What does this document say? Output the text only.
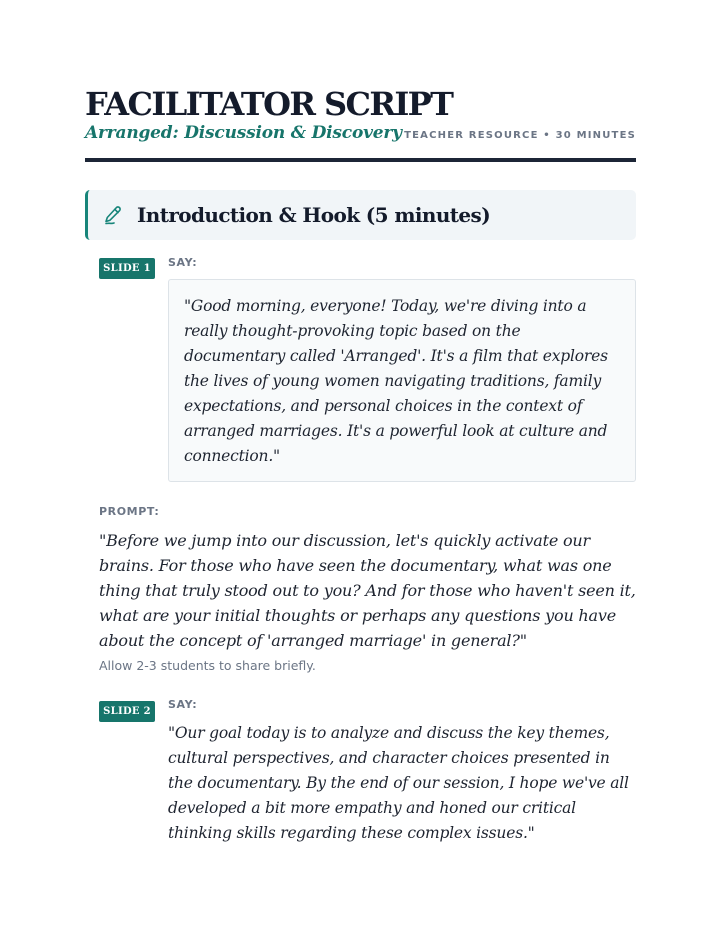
FACILITATOR SCRIPT
Arranged: Discussion & Discovery TEACHER RESOURCE • 30 MINUTES
Introduction & Hook (5 minutes)
SLIDE 1	SAY:
"Good morning, everyone! Today, we're diving into a really thought-provoking topic based on the documentary called 'Arranged'. It's a film that explores the lives of young women navigating traditions, family expectations, and personal choices in the context of arranged marriages. It's a powerful look at culture and connection."
PROMPT:
"Before we jump into our discussion, let's quickly activate our brains. For those who have seen the documentary, what was one thing that truly stood out to you? And for those who haven't seen it, what are your initial thoughts or perhaps any questions you have about the concept of 'arranged marriage' in general?"
Allow 2-3 students to share briefly.
SLIDE 2
SAY:
"Our goal today is to analyze and discuss the key themes, cultural perspectives, and character choices presented in the documentary. By the end of our session, I hope we've all developed a bit more empathy and honed our critical thinking skills regarding these complex issues."
